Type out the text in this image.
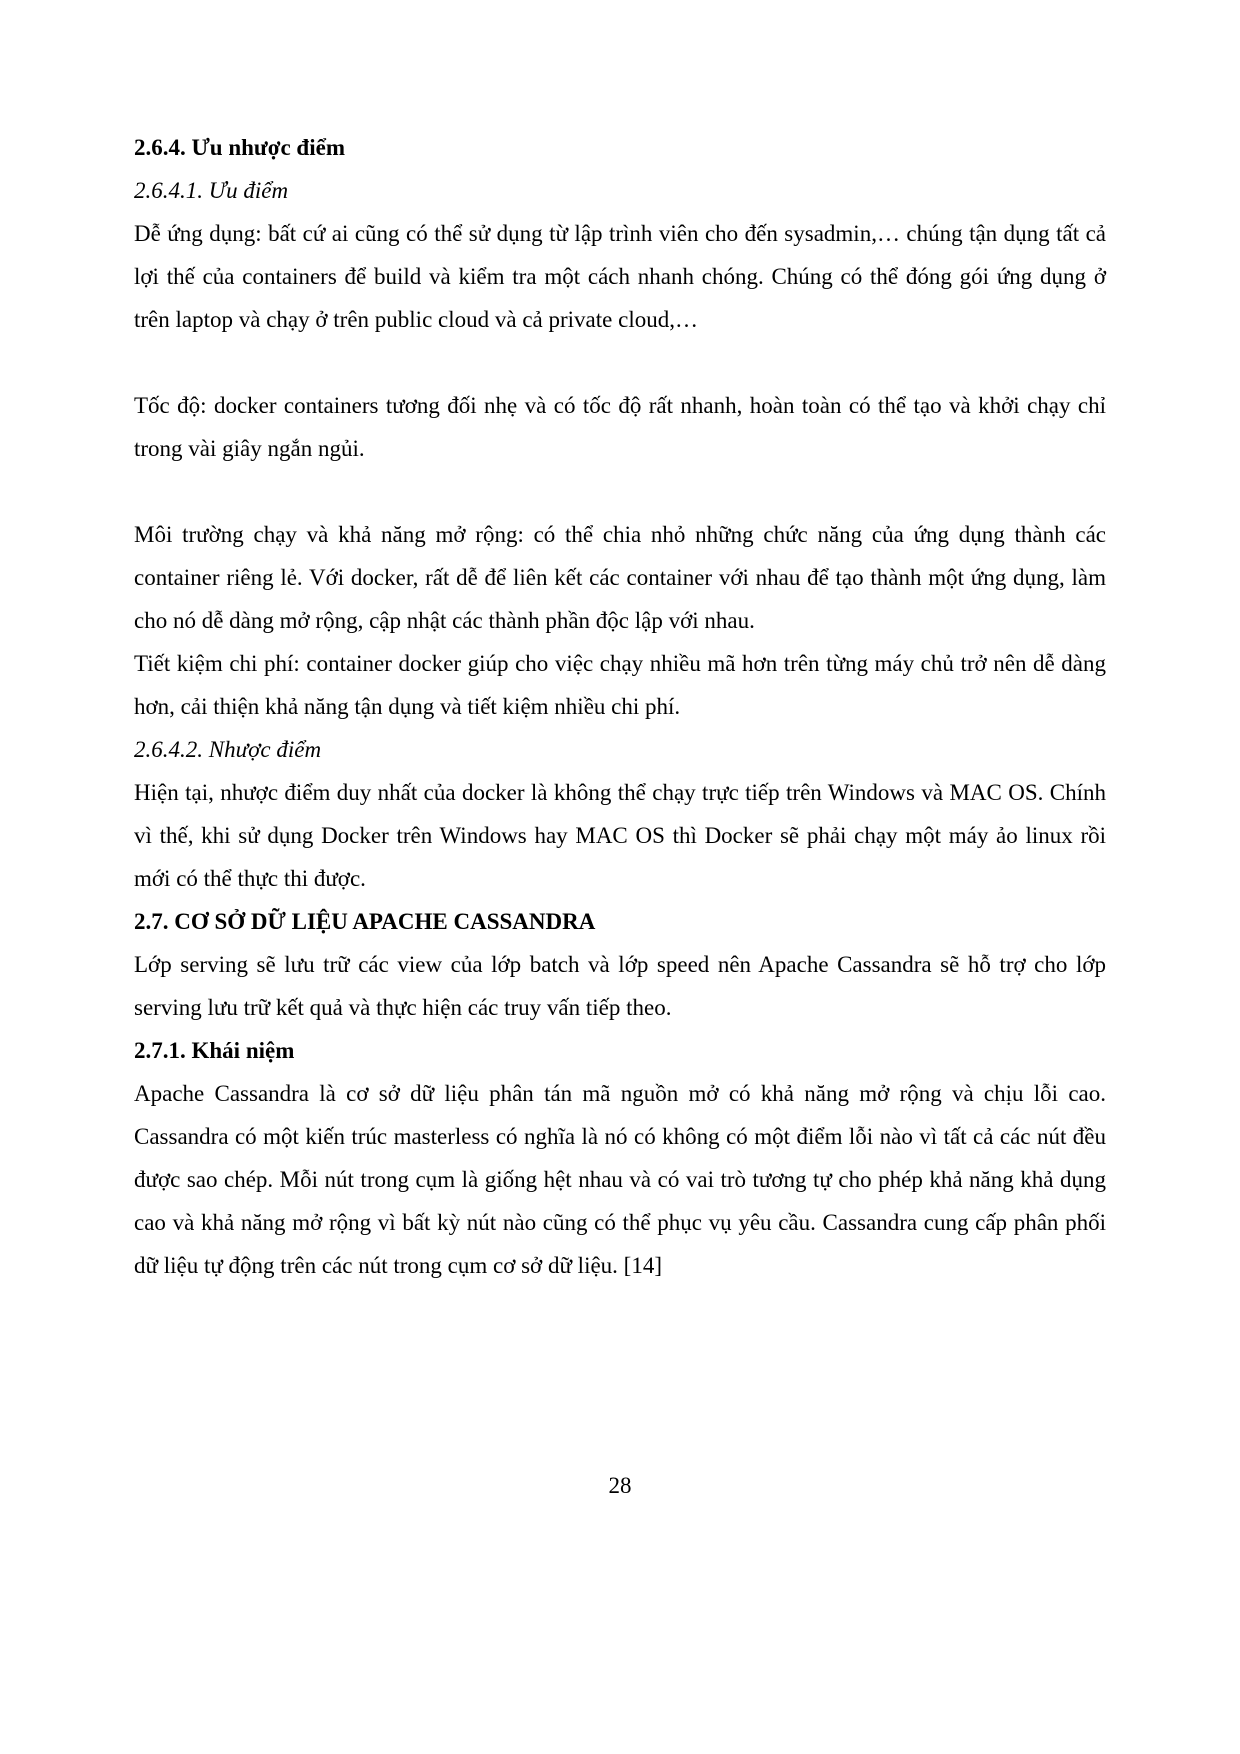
2.6.4. Ưu nhược điểm

2.6.4.1. Ưu điểm

Dễ ứng dụng: bất cứ ai cũng có thể sử dụng từ lập trình viên cho đến sysadmin,… chúng tận dụng tất cả lợi thế của containers để build và kiểm tra một cách nhanh chóng. Chúng có thể đóng gói ứng dụng ở trên laptop và chạy ở trên public cloud và cả private cloud,…

Tốc độ: docker containers tương đối nhẹ và có tốc độ rất nhanh, hoàn toàn có thể tạo và khởi chạy chỉ trong vài giây ngắn ngủi.

Môi trường chạy và khả năng mở rộng: có thể chia nhỏ những chức năng của ứng dụng thành các container riêng lẻ. Với docker, rất dễ để liên kết các container với nhau để tạo thành một ứng dụng, làm cho nó dễ dàng mở rộng, cập nhật các thành phần độc lập với nhau.

Tiết kiệm chi phí: container docker giúp cho việc chạy nhiều mã hơn trên từng máy chủ trở nên dễ dàng hơn, cải thiện khả năng tận dụng và tiết kiệm nhiều chi phí.

2.6.4.2. Nhược điểm

Hiện tại, nhược điểm duy nhất của docker là không thể chạy trực tiếp trên Windows và MAC OS. Chính vì thế, khi sử dụng Docker trên Windows hay MAC OS thì Docker sẽ phải chạy một máy ảo linux rồi mới có thể thực thi được.

2.7. CƠ SỞ DỮ LIỆU APACHE CASSANDRA

Lớp serving sẽ lưu trữ các view của lớp batch và lớp speed nên Apache Cassandra sẽ hỗ trợ cho lớp serving lưu trữ kết quả và thực hiện các truy vấn tiếp theo.

2.7.1. Khái niệm

Apache Cassandra là cơ sở dữ liệu phân tán mã nguồn mở có khả năng mở rộng và chịu lỗi cao. Cassandra có một kiến trúc masterless có nghĩa là nó có không có một điểm lỗi nào vì tất cả các nút đều được sao chép. Mỗi nút trong cụm là giống hệt nhau và có vai trò tương tự cho phép khả năng khả dụng cao và khả năng mở rộng vì bất kỳ nút nào cũng có thể phục vụ yêu cầu. Cassandra cung cấp phân phối dữ liệu tự động trên các nút trong cụm cơ sở dữ liệu. [14]

28
